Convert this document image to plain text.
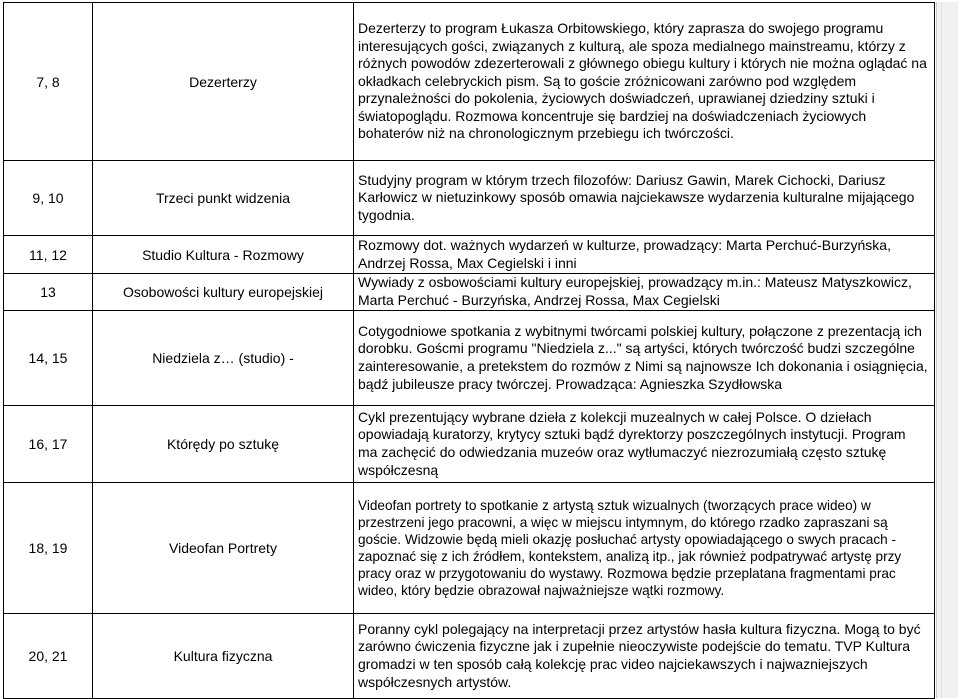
7, 8	Dezerterzy	Dezerterzy to program Łukasza Orbitowskiego, który zaprasza do swojego programu interesujących gości, związanych z kulturą, ale spoza medialnego mainstreamu, którzy z różnych powodów zdezerterowali z głównego obiegu kultury i których nie można oglądać na okładkach celebryckich pism. Są to goście zróżnicowani zarówno pod względem przynależności do pokolenia, życiowych doświadczeń, uprawianej dziedziny sztuki i światopoglądu. Rozmowa koncentruje się bardziej na doświadczeniach życiowych bohaterów niż na chronologicznym przebiegu ich twórczości.
9, 10	Trzeci punkt widzenia	Studyjny program w którym trzech filozofów: Dariusz Gawin, Marek Cichocki, Dariusz Karłowicz w nietuzinkowy sposób omawia najciekawsze wydarzenia kulturalne mijającego tygodnia.
11, 12	Studio Kultura - Rozmowy	Rozmowy dot. ważnych wydarzeń w kulturze, prowadzący: Marta Perchuć-Burzyńska, Andrzej Rossa, Max Cegielski i inni
13	Osobowości kultury europejskiej	Wywiady z osbowościami kultury europejskiej, prowadzący m.in.: Mateusz Matyszkowicz, Marta Perchuć - Burzyńska, Andrzej Rossa, Max Cegielski
14, 15	Niedziela z… (studio) -	Cotygodniowe spotkania z wybitnymi twórcami polskiej kultury, połączone z prezentacją ich dorobku. Goścmi programu "Niedziela z..." są artyści, których twórczość budzi szczególne zainteresowanie, a pretekstem do rozmów z Nimi są najnowsze Ich dokonania i osiągnięcia, bądź jubileusze pracy twórczej. Prowadząca: Agnieszka Szydłowska
16, 17	Którędy po sztukę	Cykl prezentujący wybrane dzieła z kolekcji muzealnych w całej Polsce. O dziełach opowiadają kuratorzy, krytycy sztuki bądź dyrektorzy poszczególnych instytucji. Program ma zachęcić do odwiedzania muzeów oraz wytłumaczyć niezrozumiałą często sztukę współczesną
18, 19	Videofan Portrety	Videofan portrety to spotkanie z artystą sztuk wizualnych (tworzących prace wideo) w przestrzeni jego pracowni, a więc w miejscu intymnym, do którego rzadko zapraszani są goście. Widzowie będą mieli okazję posłuchać artysty opowiadającego o swych pracach - zapoznać się z ich źródłem, kontekstem, analizą itp., jak również podpatrywać artystę przy pracy oraz w przygotowaniu do wystawy. Rozmowa będzie przeplatana fragmentami prac wideo, który będzie obrazował najważniejsze wątki rozmowy.
20, 21	Kultura fizyczna	Poranny cykl polegający na interpretacji przez artystów hasła kultura fizyczna. Mogą to być zarówno ćwiczenia fizyczne jak i zupełnie nieoczywiste podejście do tematu. TVP Kultura gromadzi w ten sposób całą kolekcję prac video najciekawszych i najwazniejszych współczesnych artystów.
